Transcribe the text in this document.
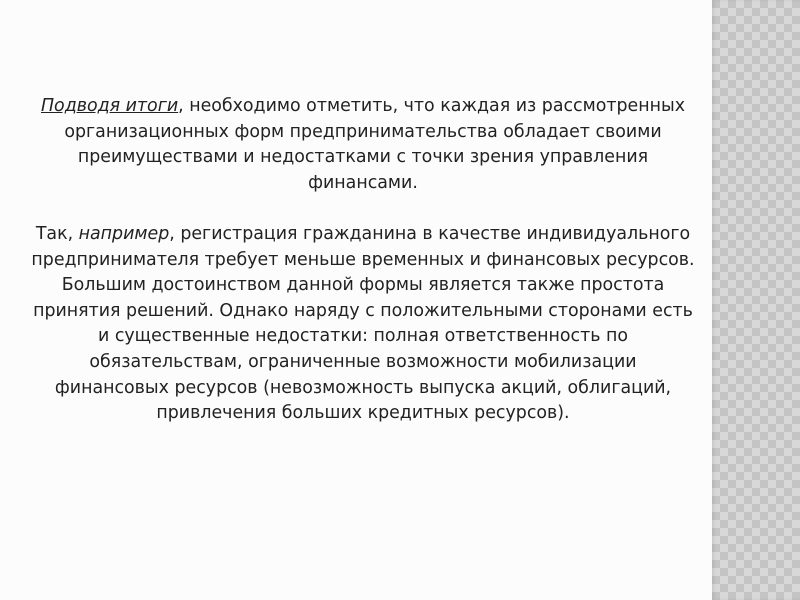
Подводя итоги, необходимо отметить, что каждая из рассмотренных организационных форм предпринимательства обладает своими преимуществами и недостатками с точки зрения управления финансами.

Так, например, регистрация гражданина в качестве индивидуального предпринимателя требует меньше временных и финансовых ресурсов. Большим достоинством данной формы является также простота принятия решений. Однако наряду с положительными сторонами есть и существенные недостатки: полная ответственность по обязательствам, ограниченные возможности мобилизации финансовых ресурсов (невозможность выпуска акций, облигаций, привлечения больших кредитных ресурсов).
